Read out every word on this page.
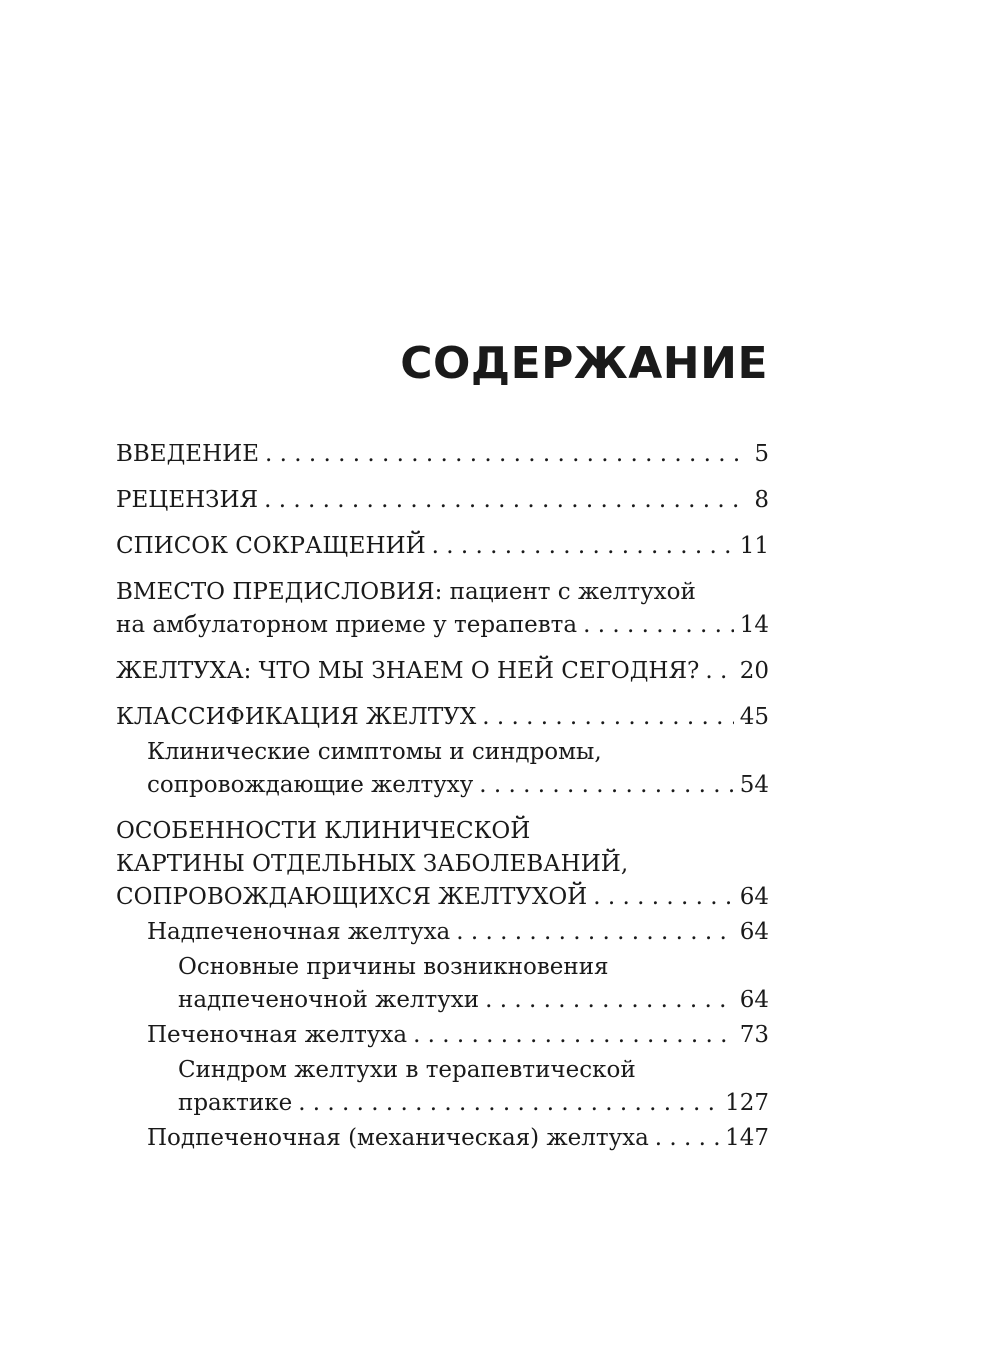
СОДЕРЖАНИЕ
ВВЕДЕНИЕ . . .	5
РЕЦЕНЗИЯ . . .	8
СПИСОК СОКРАЩЕНИЙ . . .	11
ВМЕСТО ПРЕДИСЛОВИЯ: пациент с желтухой
на амбулаторном приеме у терапевта . . .	14
ЖЕЛТУХА: ЧТО МЫ ЗНАЕМ О НЕЙ СЕГОДНЯ? . . . 20
КЛАССИФИКАЦИЯ ЖЕЛТУХ . . .	45
Клинические симптомы и синдромы,
сопровождающие желтуху . . .	54
ОСОБЕННОСТИ КЛИНИЧЕСКОЙ
КАРТИНЫ ОТДЕЛЬНЫХ ЗАБОЛЕВАНИЙ,
СОПРОВОЖДАЮЩИХСЯ ЖЕЛТУХОЙ . . .	64
Надпеченочная желтуха . . .	64
Основные причины возникновения
надпеченочной желтухи . . .	64
Печеночная желтуха . . .	73
Синдром желтухи в терапевтической
практике . . .	127
Подпеченочная (механическая) желтуха . . .	147
